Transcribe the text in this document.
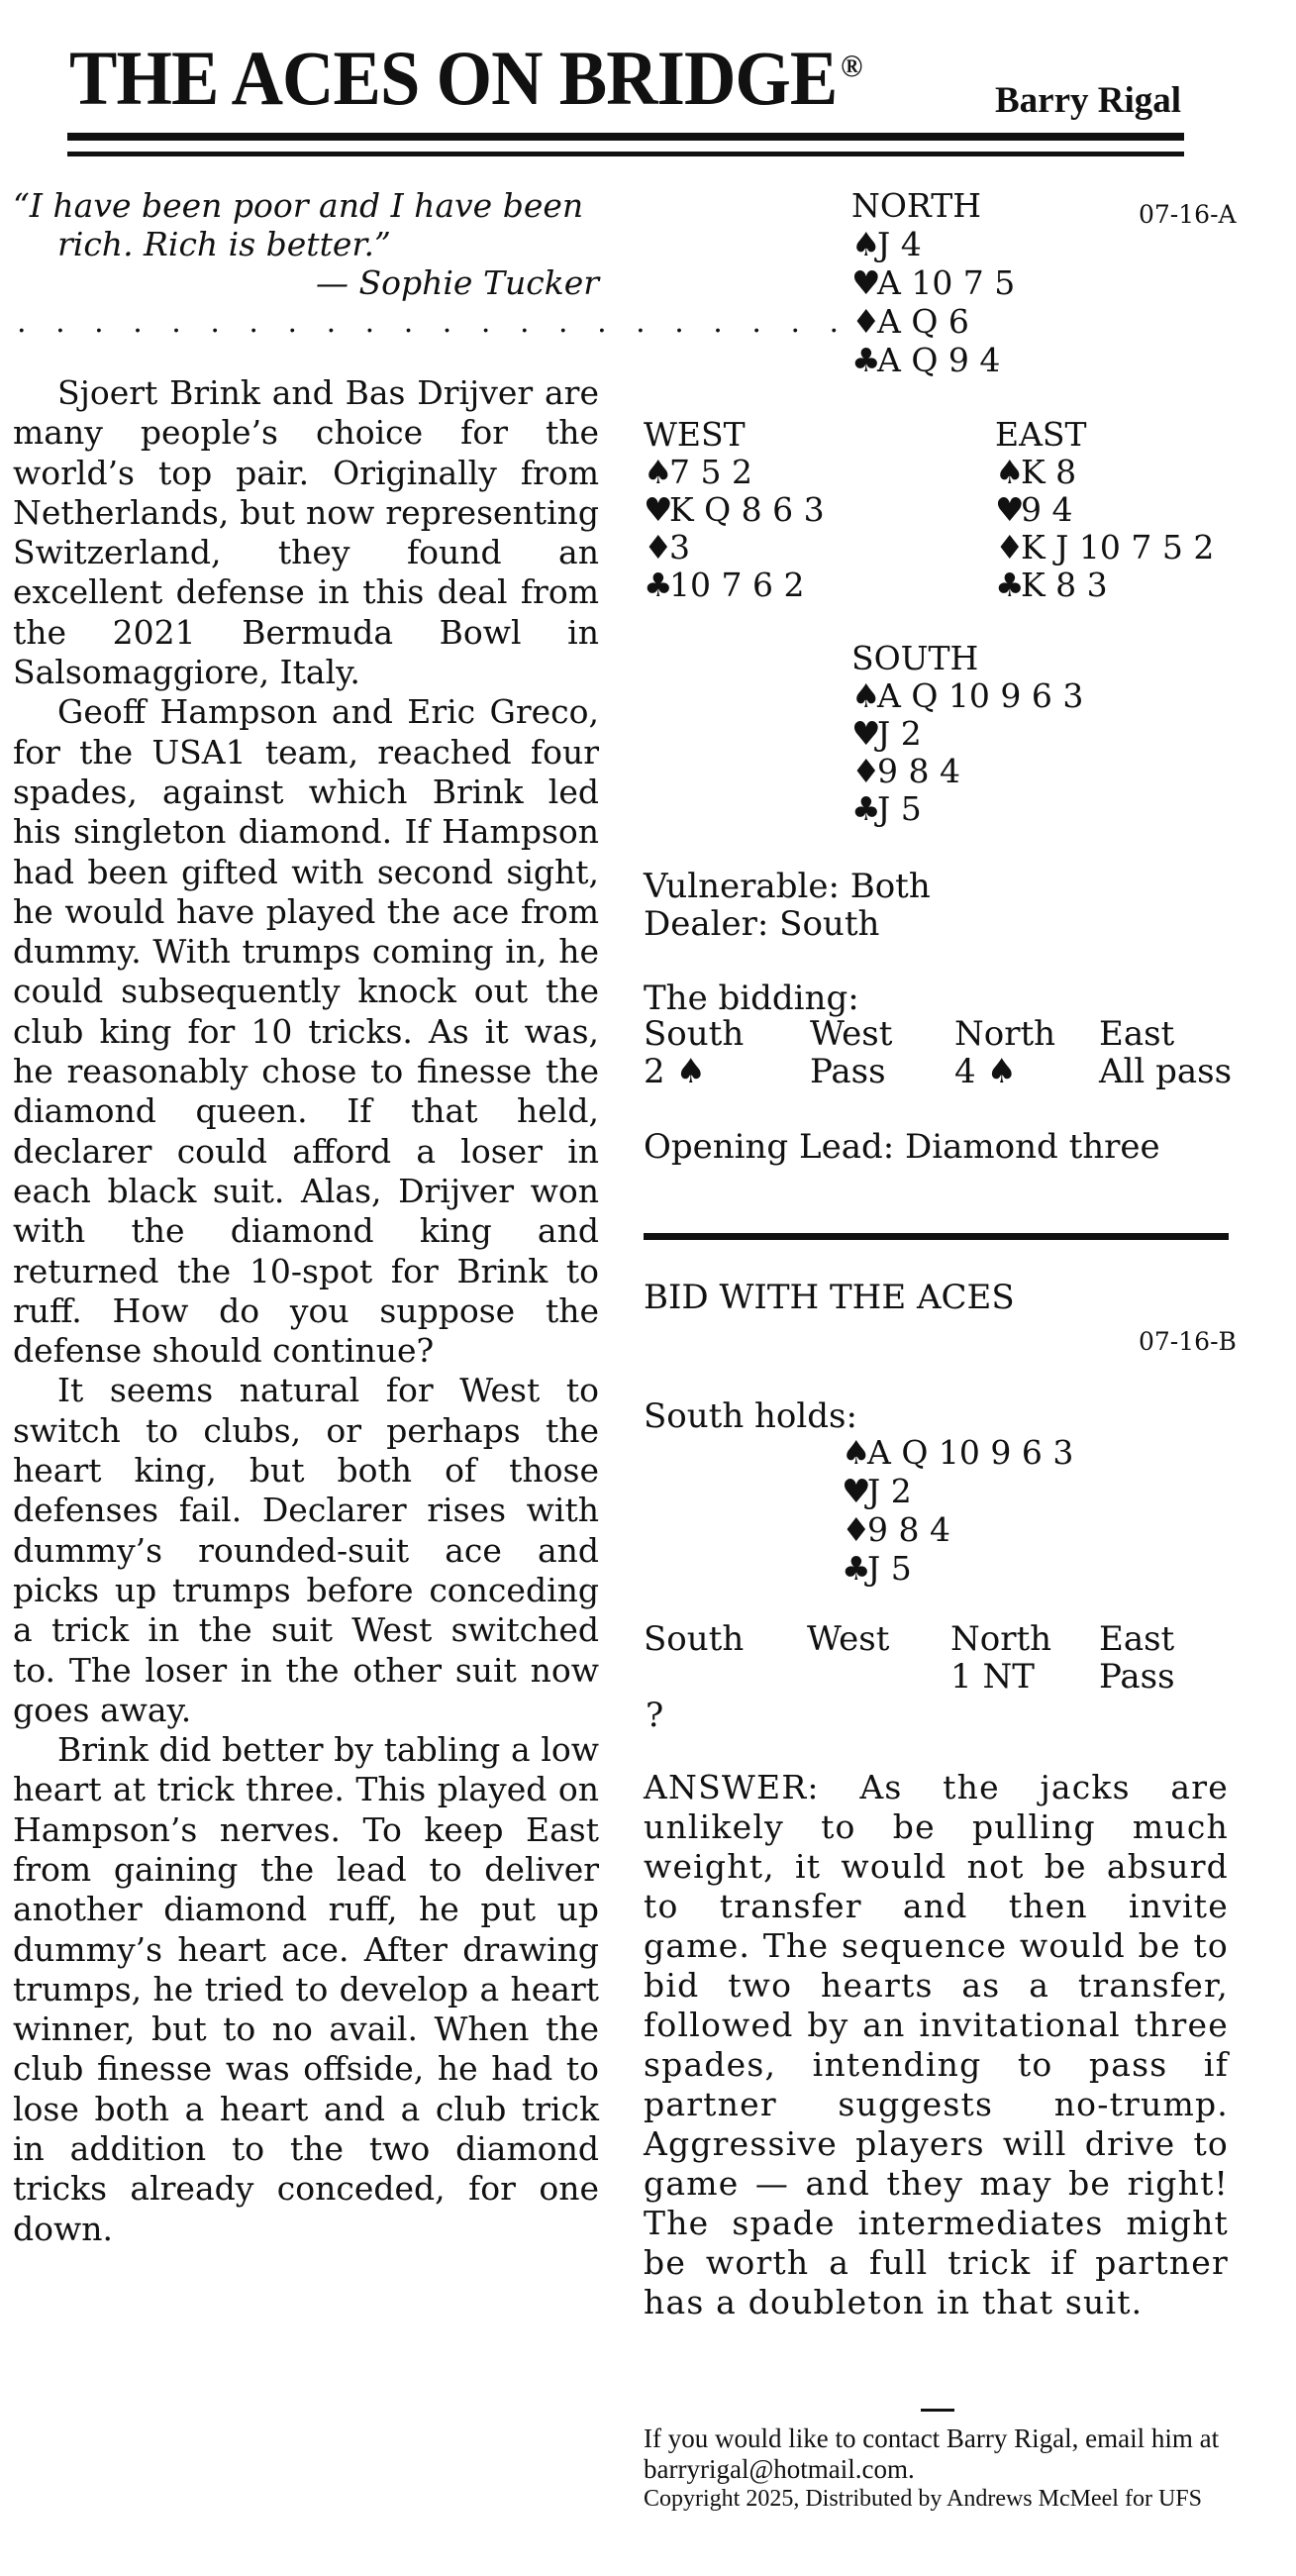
THE ACES ON BRIDGE ®
Barry Rigal
“I have been poor and I have been rich. Rich is better.”
— Sophie Tucker
. . . . . . . . . . . . . . . . . . . . . .

Sjoert Brink and Bas Drijver are many people’s choice for the world’s top pair. Originally from Netherlands, but now representing Switzerland, they found an excellent defense in this deal from the 2021 Bermuda Bowl in Salsomaggiore, Italy.

Geoff Hampson and Eric Greco, for the USA1 team, reached four spades, against which Brink led his singleton diamond. If Hampson had been gifted with second sight, he would have played the ace from dummy. With trumps coming in, he could subsequently knock out the club king for 10 tricks. As it was, he reasonably chose to finesse the diamond queen. If that held, declarer could afford a loser in each black suit. Alas, Drijver won with the diamond king and returned the 10-spot for Brink to ruff. How do you suppose the defense should continue?

It seems natural for West to switch to clubs, or perhaps the heart king, but both of those defenses fail. Declarer rises with dummy’s rounded-suit ace and picks up trumps before conceding a trick in the suit West switched to. The loser in the other suit now goes away.

Brink did better by tabling a low heart at trick three. This played on Hampson’s nerves. To keep East from gaining the lead to deliver another diamond ruff, he put up dummy’s heart ace. After drawing trumps, he tried to develop a heart winner, but to no avail. When the club finesse was offside, he had to lose both a heart and a club trick in addition to the two diamond tricks already conceded, for one down.

07-16-A
NORTH
♠J 4
♥A 10 7 5
♦A Q 6
♣A Q 9 4
WEST
♠7 5 2
♥K Q 8 6 3
♦3
♣10 7 6 2
EAST
♠K 8
♥9 4
♦K J 10 7 5 2
♣K 8 3
SOUTH
♠A Q 10 9 6 3
♥J 2
♦9 8 4
♣J 5
Vulnerable: Both
Dealer: South
The bidding:
South West North East
2 ♠	Pass 4 ♠ All pass
Opening Lead: Diamond three
BID WITH THE ACES
07-16-B
South holds:
♠A Q 10 9 6 3
♥J 2
♦9 8 4
♣J 5
South West North East
1 NT Pass
?

ANSWER: As the jacks are unlikely to be pulling much weight, it would not be absurd to transfer and then invite game. The sequence would be to bid two hearts as a transfer, followed by an invitational three spades, intending to pass if partner suggests no-trump. Aggressive players will drive to game — and they may be right! The spade intermediates might be worth a full trick if partner has a doubleton in that suit.

If you would like to contact Barry Rigal, email him at barryrigal@hotmail.com.
Copyright 2025, Distributed by Andrews McMeel for UFS
